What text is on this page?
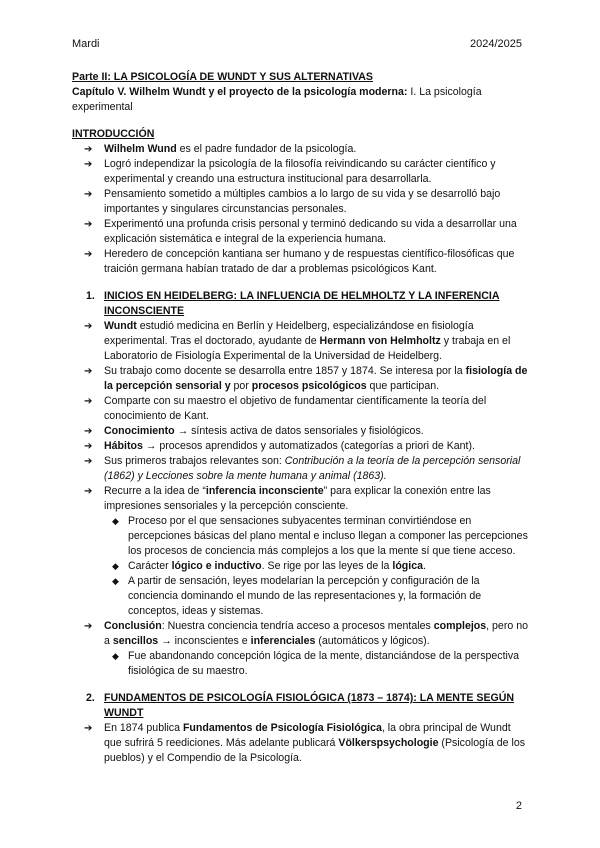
Mardi	2024/2025

Parte II: LA PSICOLOGÍA DE WUNDT Y SUS ALTERNATIVAS

Capítulo V. Wilhelm Wundt y el proyecto de la psicología moderna: I. La psicología experimental

INTRODUCCIÓN

➔ Wilhelm Wund es el padre fundador de la psicología.
➔ Logró independizar la psicología de la filosofía reivindicando su carácter científico y experimental y creando una estructura institucional para desarrollarla.
➔ Pensamiento sometido a múltiples cambios a lo largo de su vida y se desarrolló bajo importantes y singulares circunstancias personales.
➔ Experimentó una profunda crisis personal y terminó dedicando su vida a desarrollar una explicación sistemática e integral de la experiencia humana.
➔ Heredero de concepción kantiana ser humano y de respuestas científico-filosóficas que traición germana habían tratado de dar a problemas psicológicos Kant.
1. INICIOS EN HEIDELBERG: LA INFLUENCIA DE HELMHOLTZ Y LA INFERENCIA INCONSCIENTE
➔ Wundt estudió medicina en Berlín y Heidelberg, especializándose en fisiología experimental. Tras el doctorado, ayudante de Hermann von Helmholtz y trabaja en el Laboratorio de Fisiología Experimental de la Universidad de Heidelberg.
➔ Su trabajo como docente se desarrolla entre 1857 y 1874. Se interesa por la fisiología de la percepción sensorial y por procesos psicológicos que participan.
➔ Comparte con su maestro el objetivo de fundamentar científicamente la teoría del conocimiento de Kant.
➔ Conocimiento → síntesis activa de datos sensoriales y fisiológicos.
➔ Hábitos → procesos aprendidos y automatizados (categorías a priori de Kant).
➔ Sus primeros trabajos relevantes son: Contribución a la teoría de la percepción sensorial (1862) y Lecciones sobre la mente humana y animal (1863).
➔ Recurre a la idea de “inferencia inconsciente” para explicar la conexión entre las impresiones sensoriales y la percepción consciente.
◆ Proceso por el que sensaciones subyacentes terminan convirtiéndose en percepciones básicas del plano mental e incluso llegan a componer las percepciones los procesos de conciencia más complejos a los que la mente sí que tiene acceso.
◆ Carácter lógico e inductivo. Se rige por las leyes de la lógica.
◆ A partir de sensación, leyes modelarían la percepción y configuración de la conciencia dominando el mundo de las representaciones y, la formación de conceptos, ideas y sistemas.
➔ Conclusión: Nuestra conciencia tendría acceso a procesos mentales complejos, pero no a sencillos → inconscientes e inferenciales (automáticos y lógicos).
◆ Fue abandonando concepción lógica de la mente, distanciándose de la perspectiva fisiológica de su maestro.
2. FUNDAMENTOS DE PSICOLOGÍA FISIOLÓGICA (1873 – 1874): LA MENTE SEGÚN WUNDT
➔ En 1874 publica Fundamentos de Psicología Fisiológica, la obra principal de Wundt que sufrirá 5 reediciones. Más adelante publicará Völkerspsychologie (Psicología de los pueblos) y el Compendio de la Psicología.
2
